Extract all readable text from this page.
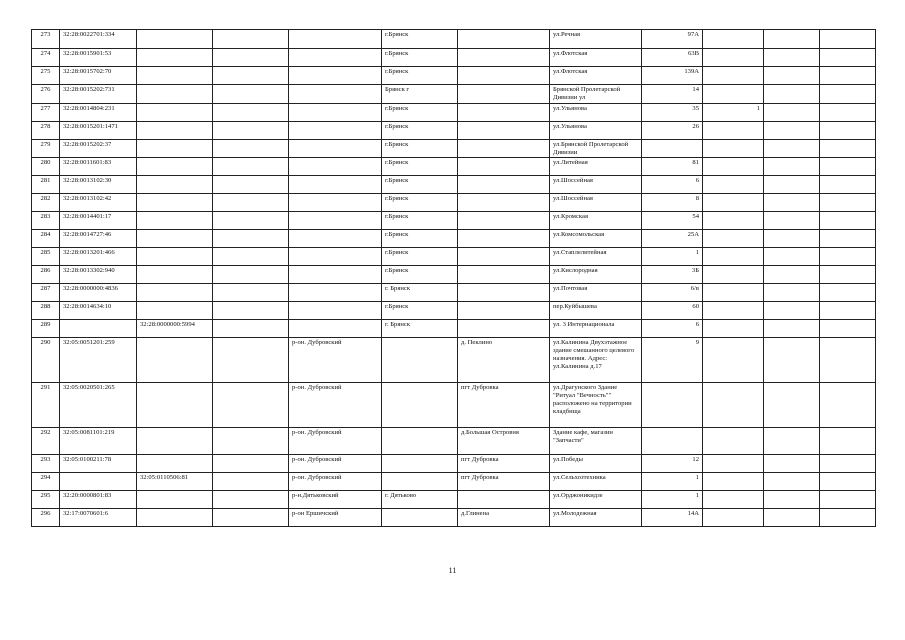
273	32:28:0022701:334				г.Брянск		ул.Речная	97А			
274	32:28:0015901:53				г.Брянск		ул.Флотская	63В			
275	32:28:0015702:70				г.Брянск		ул.Флотская	139А			
276	32:28:0015202:731				Брянск г		Брянской Пролетарской Дивизии ул	14			
277	32:28:0014804:231				г.Брянск		ул.Ульянова	35	1		
278	32:28:0015201:1471				г.Брянск		ул.Ульянова	26			
279	32:28:0015202:37				г.Брянск		ул.Брянской Пролетарской Дивизии				
280	32:28:0011601:83				г.Брянск		ул.Литейная	81			
281	32:28:0013102:30				г.Брянск		ул.Шоссейная	6			
282	32:28:0013102:42				г.Брянск		ул.Шоссейная	8			
283	32:28:0014401:17				г.Брянск		ул.Кромская	54			
284	32:28:0014727:46				г.Брянск		ул.Комсомольская	25А			
285	32:28:0013201:466				г.Брянск		ул.Стаплелитейная	1			
286	32:28:0013302:940				г.Брянск		ул.Кислородная	3Б			
287	32:28:0000000:4836				г. Брянск		ул.Почтовая	6/в			
288	32:28:0014634:10				г.Брянск		пер.Куйбышева	60			
289		32:28:0000000:5994			г. Брянск		ул. 3 Интернационала	6			
290	32:05:0051201:259			р-он. Дубровский		д. Пеклино	ул.Калинина Двухэтажное здание смешанного целевого назначения. Адрес: ул.Калинина д.17	9			
291	32:05:0020501:265			р-он. Дубровский		пгт Дубровка	ул.Драгунского Здание "Ритуал "Вечность"" расположено на территории кладбища				
292	32:05:0081101:219			р-он. Дубровский		д.Большая Островня	Здание кафе, магазин "Запчасти"				
293	32:05:0100211:78			р-он. Дубровский		пгт Дубровка	ул.Победы	12			
294		32:05:0110506:81		р-он. Дубровский		пгт Дубровка	ул.Сельхозтехника	1			
295	32:20:0000801:83			р-н.Дятьковский	г. Дятьково		ул.Орджоникидзе	1			
296	32:17:0070601:6			р-он Ершичский		д.Глинена	ул.Молодежная	14А			
11
